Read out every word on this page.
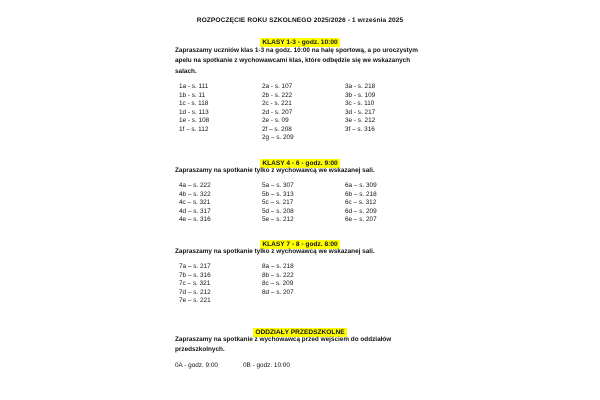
ROZPOCZĘCIE ROKU SZKOLNEGO 2025/2026 - 1 września 2025
KLASY 1-3 - godz. 10:00

Zapraszamy uczniów klas 1-3 na godz. 10:00 na halę sportową, a po uroczystym apelu na spotkanie z wychowawcami klas, które odbędzie się we wskazanych salach.

1a - s. 111
1b - s. 11
1c - s. 118
1d - s. 113
1e - s. 108
1f – s. 112
2a - s. 107
2b - s. 222
2c - s. 221
2d - s. 207
2e - s. 09
2f – s. 208
2g – s. 209
3a - s. 218
3b - s. 109
3c - s. 110
3d - s. 217
3e - s. 212
3f – s. 316
KLASY 4 - 6 - godz. 9:00

Zapraszamy na spotkanie tylko z wychowawcą we wskazanej sali.

4a – s. 222
4b – s. 322
4c – s. 321
4d – s. 317
4e – s. 316
5a – s. 307
5b – s. 313
5c – s. 217
5d – s. 208
5e – s. 212
6a – s. 309
6b – s. 218
6c – s. 312
6d – s. 209
6e – s. 207
KLASY 7 - 8 - godz. 8:00

Zapraszamy na spotkanie tylko z wychowawcą we wskazanej sali.

7a – s. 217
7b – s. 316
7c – s. 321
7d – s. 212
7e – s. 221
8a – s. 218
8b – s. 222
8c – s. 209
8d – s. 207
ODDZIAŁY PRZEDSZKOLNE

Zapraszamy na spotkanie z wychowawcą przed wejściem do oddziałów przedszkolnych.

0A - godz. 9:00	0B - godz. 10:00
